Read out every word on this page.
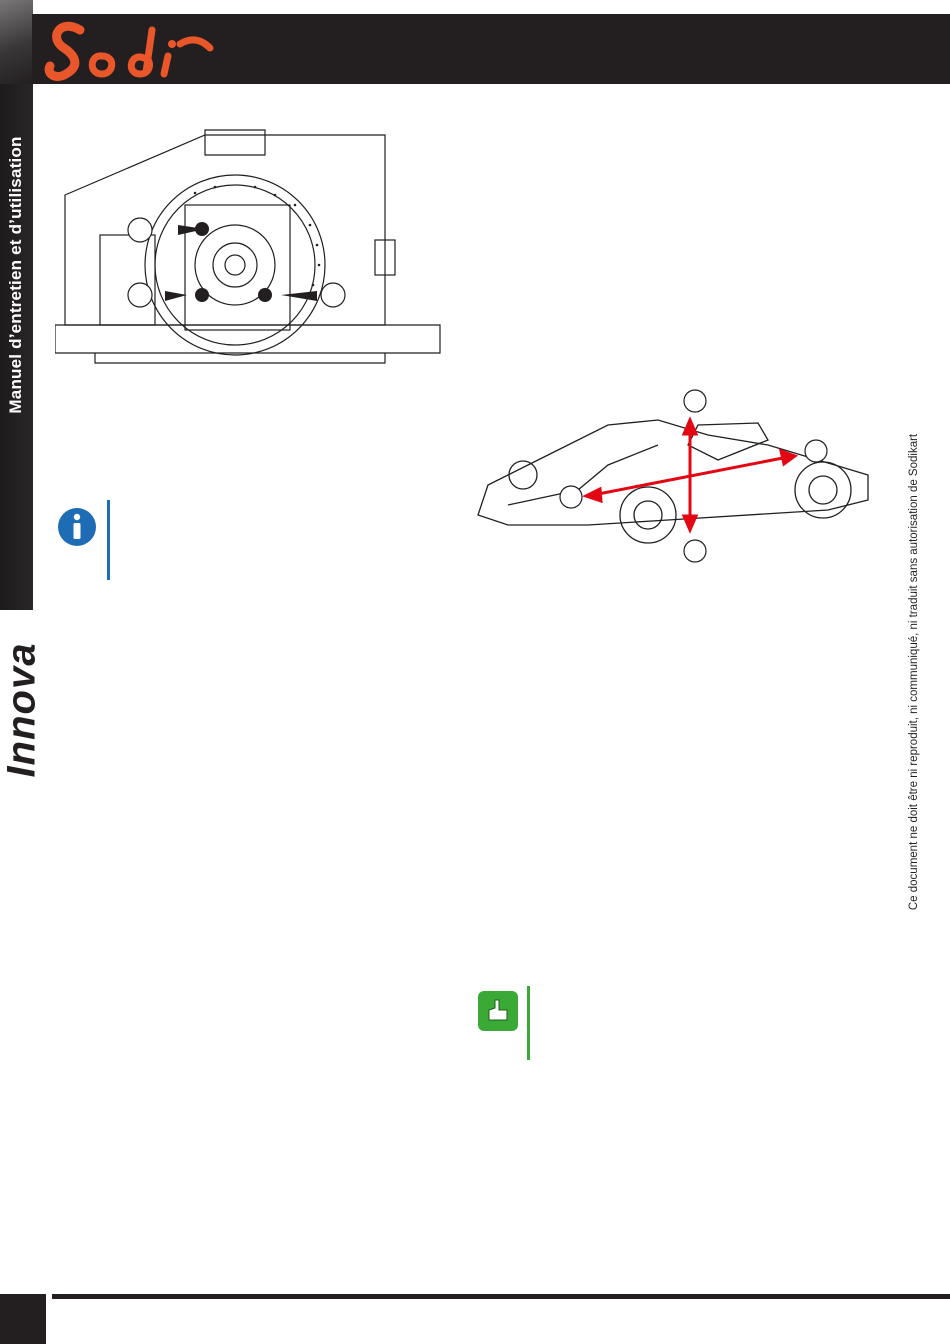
Manuel d’entretien et d’utilisation
Innova	Ce document ne doit être ni reproduit, ni communiqué, ni traduit sans autorisation de Sodikart
